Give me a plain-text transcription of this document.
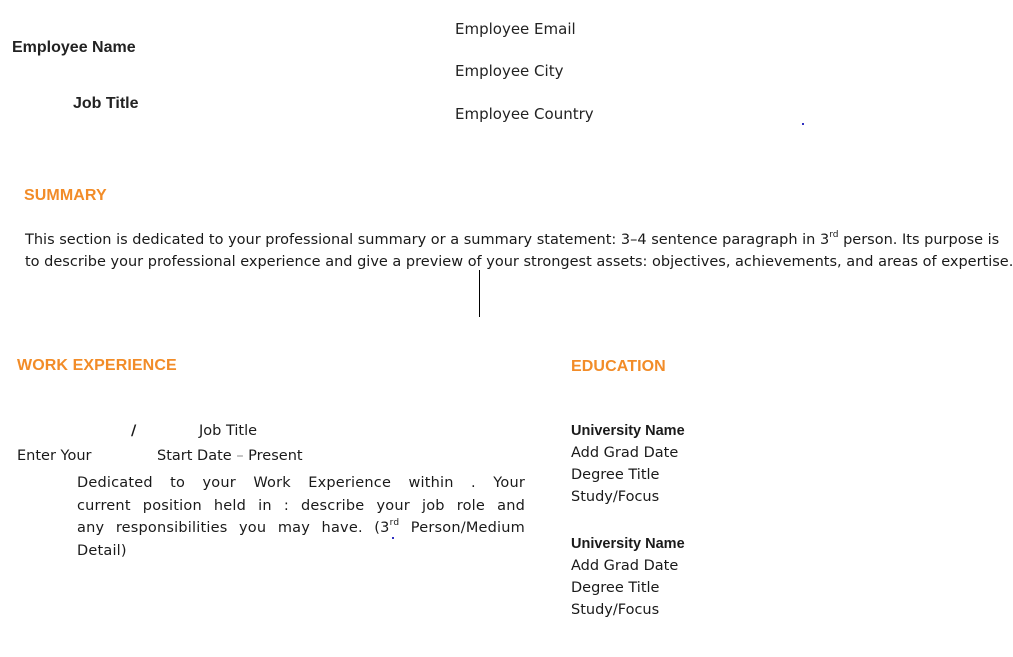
Employee Name
Job Title
Employee Email
Employee City
Employee Country
SUMMARY
This section is dedicated to your professional summary or a summary statement: 3–4 sentence paragraph in 3rd person. Its purpose is
to describe your professional experience and give a preview of your strongest assets: objectives, achievements, and areas of expertise.
WORK EXPERIENCE
/	Job Title
Enter Your	Start Date – Present
Dedicated to your Work Experience within . Your
current position held in : describe your job role and
any responsibilities you may have. (3rd Person/Medium
Detail)
EDUCATION
University Name
Add Grad Date
Degree Title
Study/Focus
University Name
Add Grad Date
Degree Title
Study/Focus
